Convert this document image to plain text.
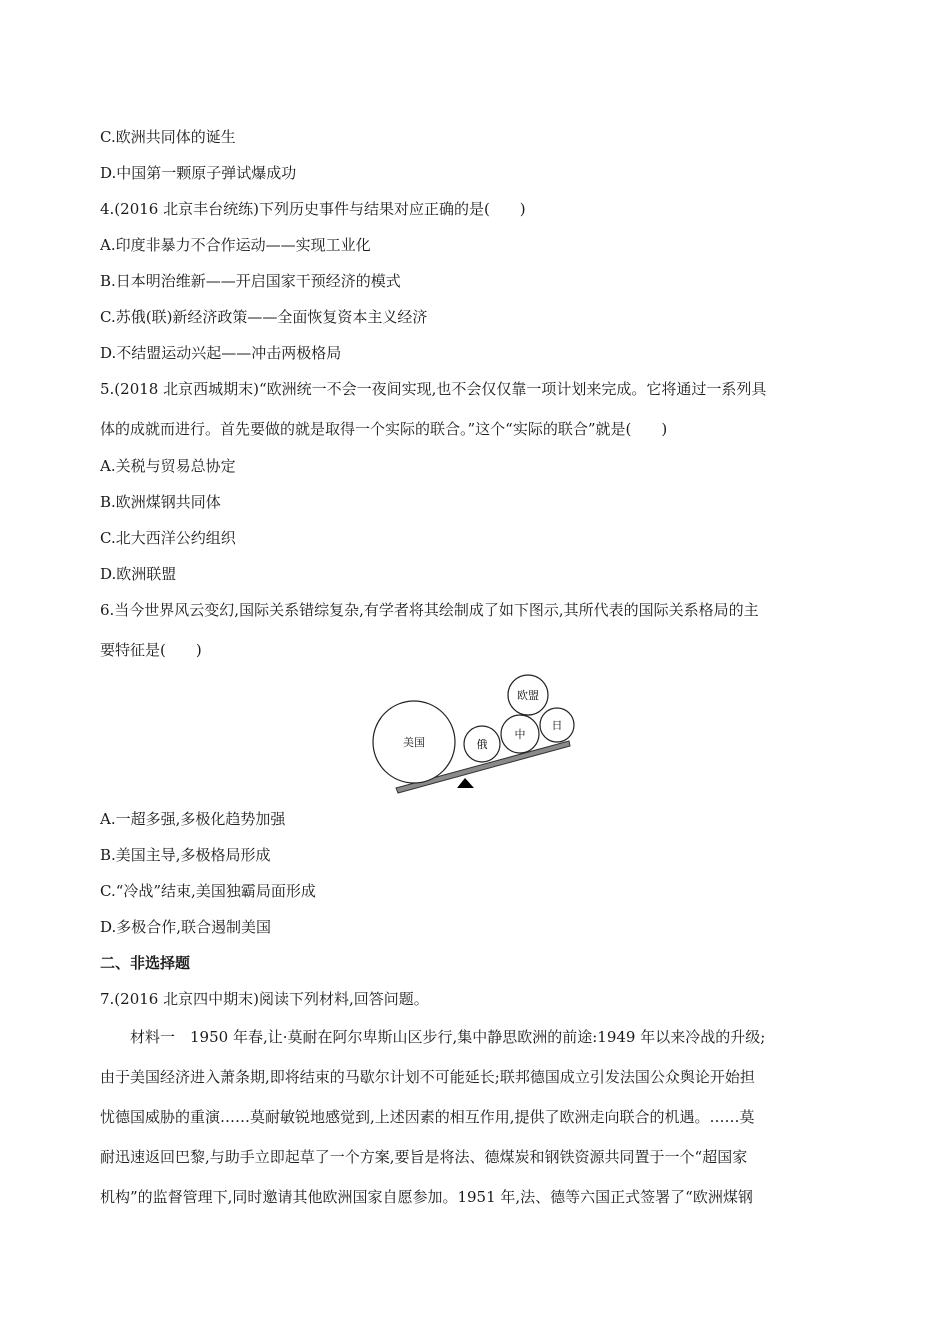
C.欧洲共同体的诞生
D.中国第一颗原子弹试爆成功
4.(2016 北京丰台统练)下列历史事件与结果对应正确的是(　　)
A.印度非暴力不合作运动——实现工业化
B.日本明治维新——开启国家干预经济的模式
C.苏俄(联)新经济政策——全面恢复资本主义经济
D.不结盟运动兴起——冲击两极格局
5.(2018 北京西城期末)“欧洲统一不会一夜间实现,也不会仅仅靠一项计划来完成。它将通过一系列具
体的成就而进行。首先要做的就是取得一个实际的联合。”这个“实际的联合”就是(　　)
A.关税与贸易总协定
B.欧洲煤钢共同体
C.北大西洋公约组织
D.欧洲联盟
6.当今世界风云变幻,国际关系错综复杂,有学者将其绘制成了如下图示,其所代表的国际关系格局的主
要特征是(　　)
美国	俄
中
欧盟
日
A.一超多强,多极化趋势加强
B.美国主导,多极格局形成
C.“冷战”结束,美国独霸局面形成
D.多极合作,联合遏制美国
二、非选择题
7.(2016 北京四中期末)阅读下列材料,回答问题。
　　材料一　1950 年春,让·莫耐在阿尔卑斯山区步行,集中静思欧洲的前途:1949 年以来冷战的升级;
由于美国经济进入萧条期,即将结束的马歇尔计划不可能延长;联邦德国成立引发法国公众舆论开始担
忧德国威胁的重演……莫耐敏锐地感觉到,上述因素的相互作用,提供了欧洲走向联合的机遇。……莫
耐迅速返回巴黎,与助手立即起草了一个方案,要旨是将法、德煤炭和钢铁资源共同置于一个“超国家
机构”的监督管理下,同时邀请其他欧洲国家自愿参加。1951 年,法、德等六国正式签署了“欧洲煤钢
